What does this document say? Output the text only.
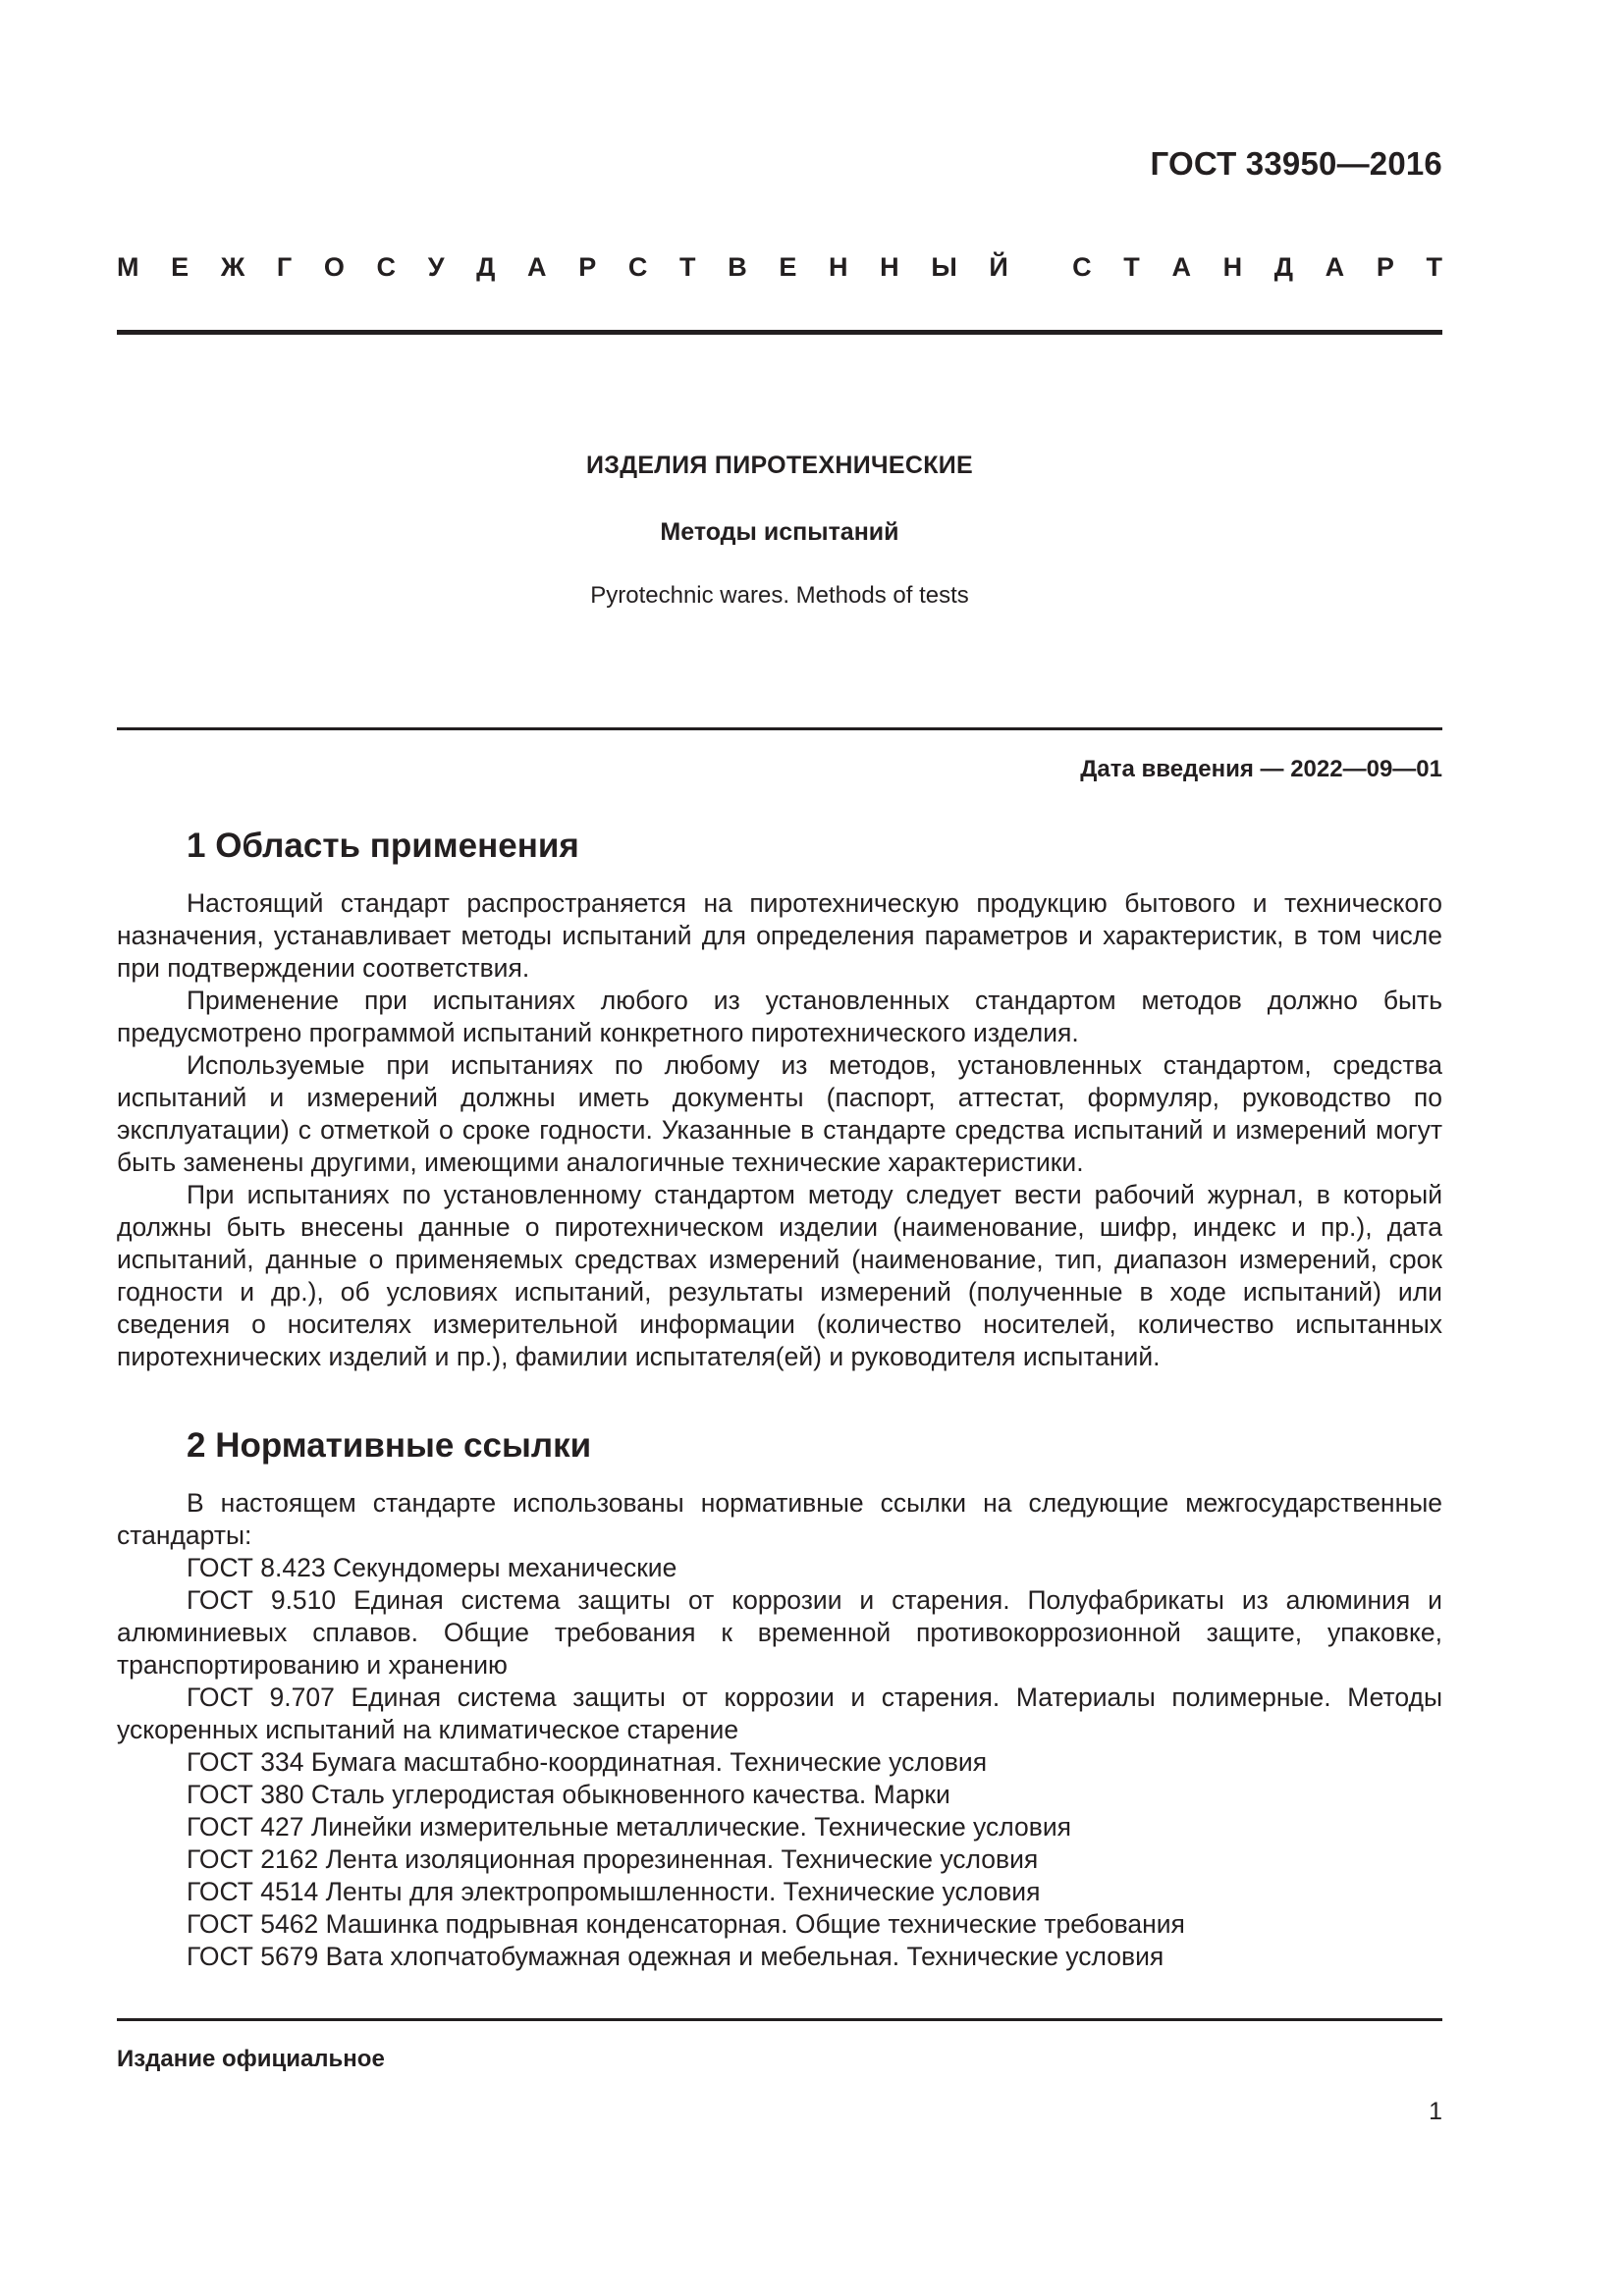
ГОСТ 33950—2016
М Е Ж Г О С У Д А Р С Т В Е Н Н Ы Й С Т А Н Д А Р Т
ИЗДЕЛИЯ ПИРОТЕХНИЧЕСКИЕ
Методы испытаний
Pyrotechnic wares. Methods of tests
Дата введения — 2022—09—01
1 Область применения

Настоящий стандарт распространяется на пиротехническую продукцию бытового и технического назначения, устанавливает методы испытаний для определения параметров и характеристик, в том числе при подтверждении соответствия.

Применение при испытаниях любого из установленных стандартом методов должно быть предусмотрено программой испытаний конкретного пиротехнического изделия.

Используемые при испытаниях по любому из методов, установленных стандартом, средства испытаний и измерений должны иметь документы (паспорт, аттестат, формуляр, руководство по эксплуатации) с отметкой о сроке годности. Указанные в стандарте средства испытаний и измерений могут быть заменены другими, имеющими аналогичные технические характеристики.

При испытаниях по установленному стандартом методу следует вести рабочий журнал, в который должны быть внесены данные о пиротехническом изделии (наименование, шифр, индекс и пр.), дата испытаний, данные о применяемых средствах измерений (наименование, тип, диапазон измерений, срок годности и др.), об условиях испытаний, результаты измерений (полученные в ходе испытаний) или сведения о носителях измерительной информации (количество носителей, количество испытанных пиротехнических изделий и пр.), фамилии испытателя(ей) и руководителя испытаний.

2 Нормативные ссылки

В настоящем стандарте использованы нормативные ссылки на следующие межгосударственные стандарты:

ГОСТ 8.423 Секундомеры механические

ГОСТ 9.510 Единая система защиты от коррозии и старения. Полуфабрикаты из алюминия и алюминиевых сплавов. Общие требования к временной противокоррозионной защите, упаковке, транспортированию и хранению

ГОСТ 9.707 Единая система защиты от коррозии и старения. Материалы полимерные. Методы ускоренных испытаний на климатическое старение

ГОСТ 334 Бумага масштабно-координатная. Технические условия

ГОСТ 380 Сталь углеродистая обыкновенного качества. Марки

ГОСТ 427 Линейки измерительные металлические. Технические условия

ГОСТ 2162 Лента изоляционная прорезиненная. Технические условия

ГОСТ 4514 Ленты для электропромышленности. Технические условия

ГОСТ 5462 Машинка подрывная конденсаторная. Общие технические требования

ГОСТ 5679 Вата хлопчатобумажная одежная и мебельная. Технические условия

Издание официальное
1
